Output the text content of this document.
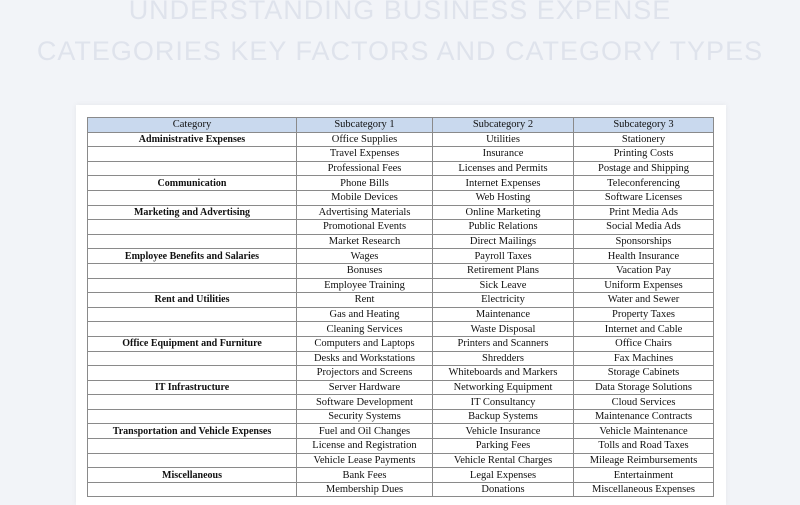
UNDERSTANDING BUSINESS EXPENSE
CATEGORIES KEY FACTORS AND CATEGORY TYPES
Category	Subcategory 1	Subcategory 2	Subcategory 3
Administrative Expenses	Office Supplies	Utilities	Stationery
	Travel Expenses	Insurance	Printing Costs
	Professional Fees	Licenses and Permits	Postage and Shipping
Communication	Phone Bills	Internet Expenses	Teleconferencing
	Mobile Devices	Web Hosting	Software Licenses
Marketing and Advertising	Advertising Materials	Online Marketing	Print Media Ads
	Promotional Events	Public Relations	Social Media Ads
	Market Research	Direct Mailings	Sponsorships
Employee Benefits and Salaries	Wages	Payroll Taxes	Health Insurance
	Bonuses	Retirement Plans	Vacation Pay
	Employee Training	Sick Leave	Uniform Expenses
Rent and Utilities	Rent	Electricity	Water and Sewer
	Gas and Heating	Maintenance	Property Taxes
	Cleaning Services	Waste Disposal	Internet and Cable
Office Equipment and Furniture	Computers and Laptops	Printers and Scanners	Office Chairs
	Desks and Workstations	Shredders	Fax Machines
	Projectors and Screens	Whiteboards and Markers	Storage Cabinets
IT Infrastructure	Server Hardware	Networking Equipment	Data Storage Solutions
	Software Development	IT Consultancy	Cloud Services
	Security Systems	Backup Systems	Maintenance Contracts
Transportation and Vehicle Expenses	Fuel and Oil Changes	Vehicle Insurance	Vehicle Maintenance
	License and Registration	Parking Fees	Tolls and Road Taxes
	Vehicle Lease Payments	Vehicle Rental Charges	Mileage Reimbursements
Miscellaneous	Bank Fees	Legal Expenses	Entertainment
	Membership Dues	Donations	Miscellaneous Expenses
